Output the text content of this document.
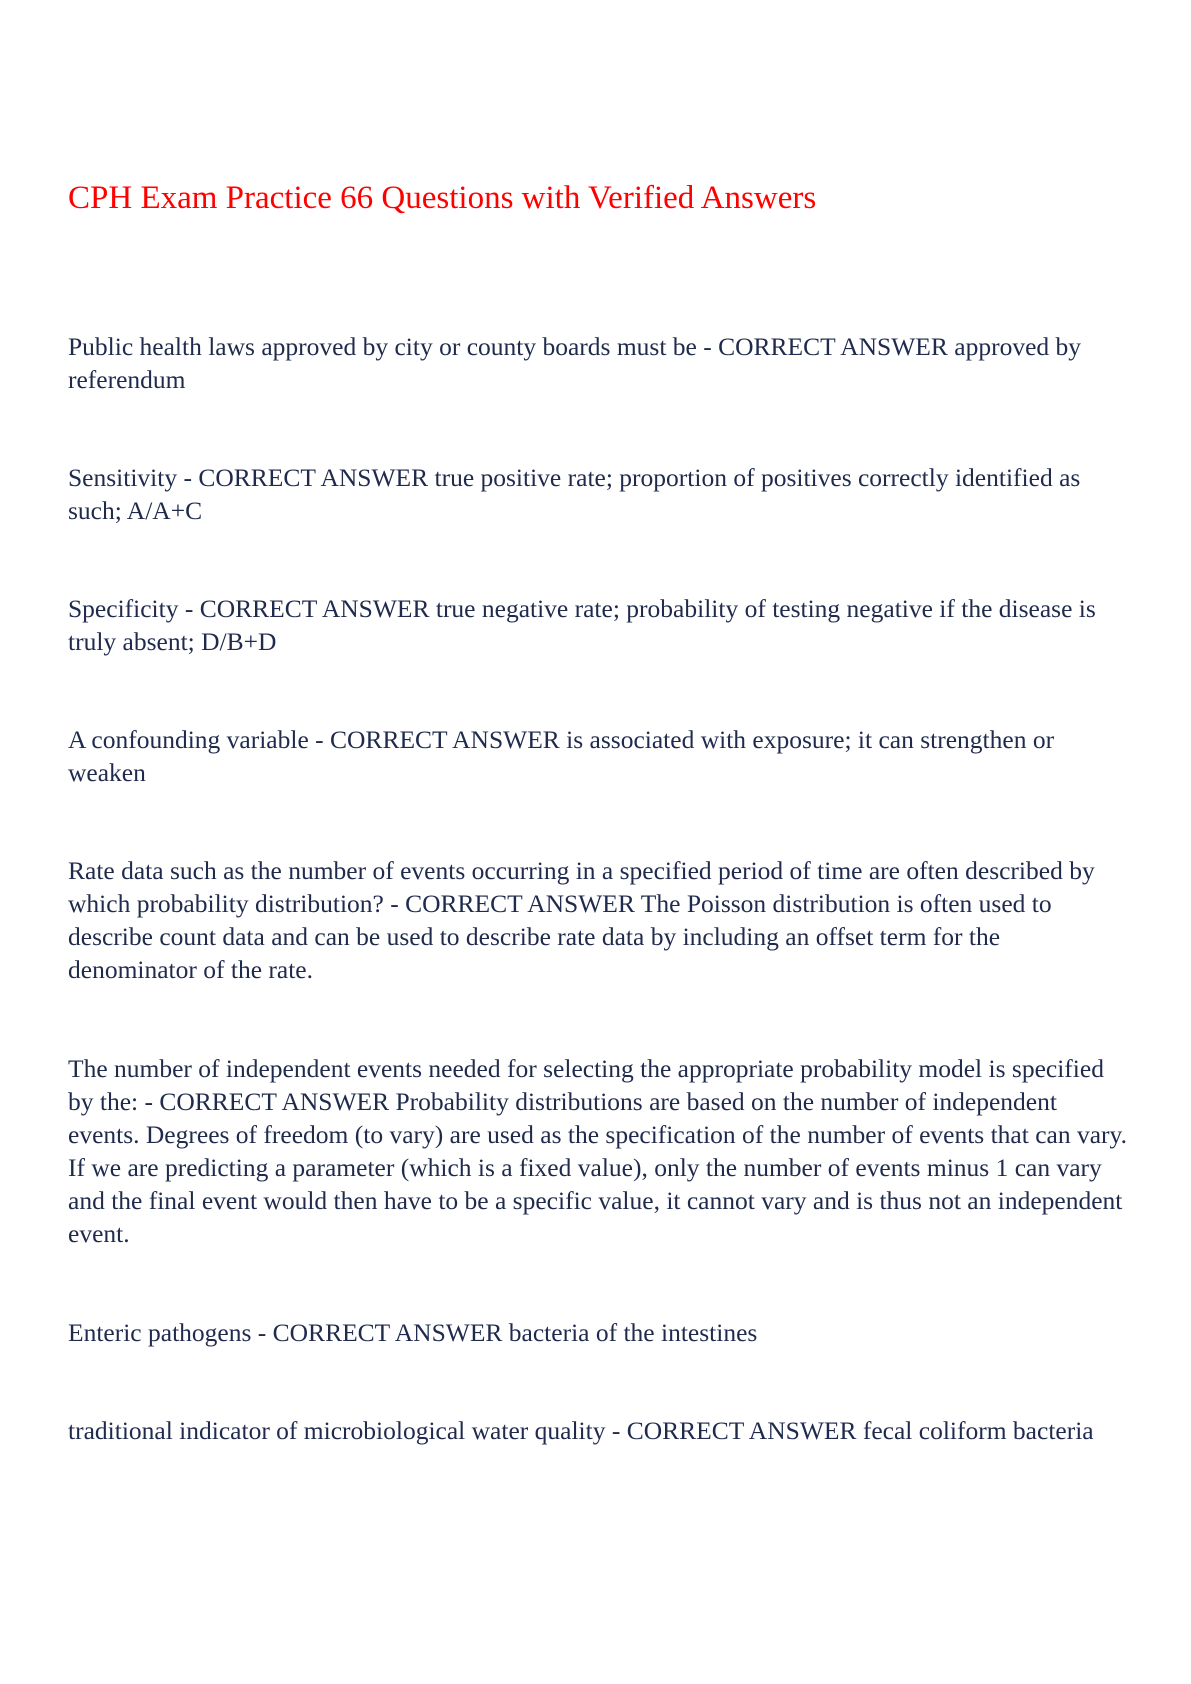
CPH Exam Practice 66 Questions with Verified Answers

Public health laws approved by city or county boards must be - CORRECT ANSWER approved by referendum

Sensitivity - CORRECT ANSWER true positive rate; proportion of positives correctly identified as such; A/A+C

Specificity - CORRECT ANSWER true negative rate; probability of testing negative if the disease is truly absent; D/B+D

A confounding variable - CORRECT ANSWER is associated with exposure; it can strengthen or weaken

Rate data such as the number of events occurring in a specified period of time are often described by which probability distribution? - CORRECT ANSWER The Poisson distribution is often used to describe count data and can be used to describe rate data by including an offset term for the denominator of the rate.

The number of independent events needed for selecting the appropriate probability model is specified by the: - CORRECT ANSWER Probability distributions are based on the number of independent events. Degrees of freedom (to vary) are used as the specification of the number of events that can vary. If we are predicting a parameter (which is a fixed value), only the number of events minus 1 can vary and the final event would then have to be a specific value, it cannot vary and is thus not an independent event.

Enteric pathogens - CORRECT ANSWER bacteria of the intestines

traditional indicator of microbiological water quality - CORRECT ANSWER fecal coliform bacteria
